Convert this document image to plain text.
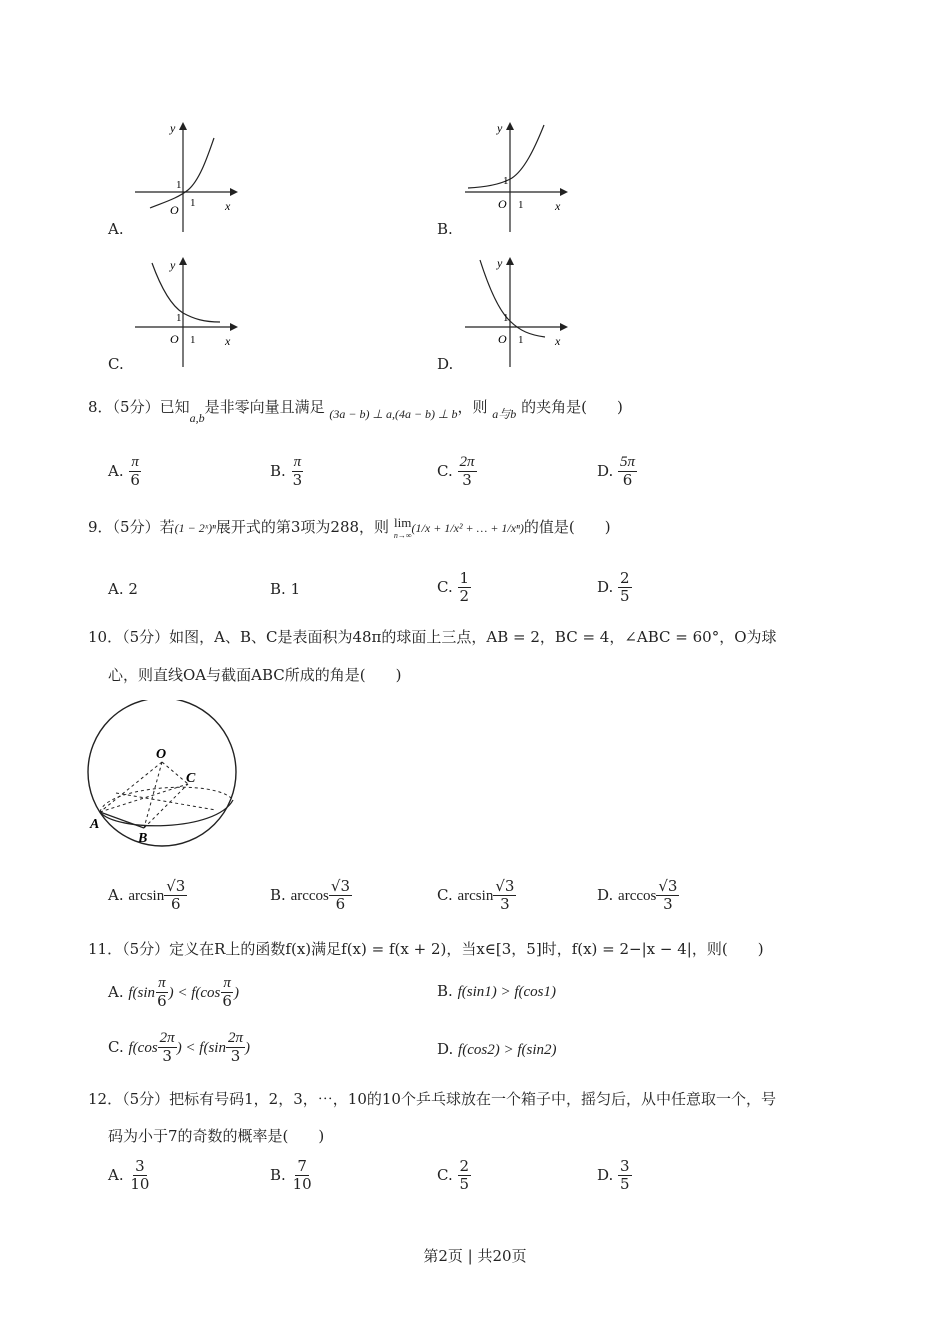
y
x
O
1
1
A.
y
x
O
1
1
B.
y
x
O
1
1
C.
y
x
O
1
1
D.
8．（5分）已知$_{a,b}$是非零向量且满足 $_{(3a - b) \perp a,(4a - b) \perp b}$，则 $_{a与b}$ 的夹角是(　　)
A. $\frac{\pi}{6}$	B. $\frac{\pi}{3}$	C. $\frac{2\pi}{3}$	D. $\frac{5\pi}{6}$
9．（5分）若(1 − 2ˣ)ⁿ展开式的第3项为288，则 lim
n→∞
(1/x + 1/x² + … + 1/xⁿ)的值是(　　)
A. 2	B. 1	C. $\frac{1}{2}$	D. $\frac{2}{5}$
10．（5分）如图，A、B、C是表面积为48π的球面上三点，AB = 2，BC = 4，∠ABC = 60°，O为球
心，则直线OA与截面ABC所成的角是(　　)
O
C
A
B
A. $\arcsin \frac{√3}{6}$	B. $\arccos \frac{√3}{6}$	C. $\arcsin \frac{√3}{3}$	D. $\arccos \frac{√3}{3}$
11．（5分）定义在R上的函数f(x)满足f(x) = f(x + 2)，当x∈[3，5]时，f(x) = 2−|x − 4|，则(　　)
A. $f(\sin \frac{\pi}{6}$ ) < $f(\cos \frac{\pi}{6}$ )	B. f(sin1) > f(cos1)
C. $f(\cos \frac{2\pi}{3}$ ) < $f(\sin \frac{2\pi}{3}$ )	D. f(cos2) > f(sin2)
12．（5分）把标有号码1，2，3，⋯，10的10个乒乓球放在一个箱子中，摇匀后，从中任意取一个，号
码为小于7的奇数的概率是(　　)
A. $\frac{3}{10}$	B. $\frac{7}{10}$	C. $\frac{2}{5}$	D. $\frac{3}{5}$
第2页 | 共20页
